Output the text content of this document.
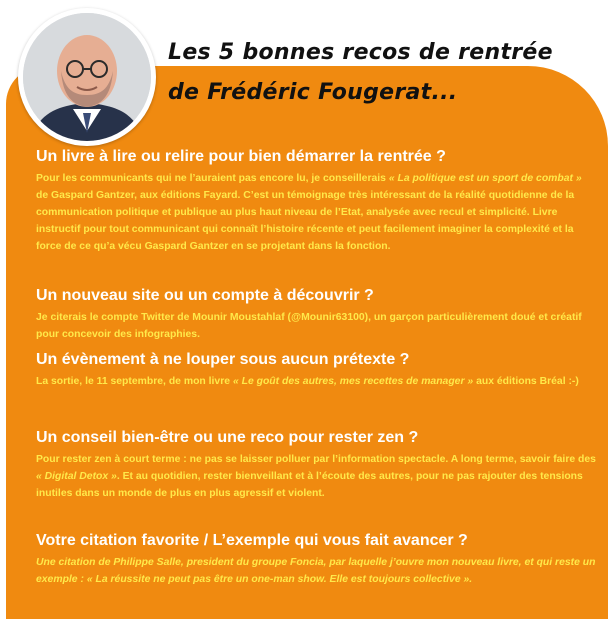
Les 5 bonnes recos de rentrée
de Frédéric Fougerat...

Un livre à lire ou relire pour bien démarrer la rentrée ?

Pour les communicants qui ne l’auraient pas encore lu, je conseillerais « La politique est un sport de combat » de Gaspard Gantzer, aux éditions Fayard. C’est un témoignage très intéressant de la réalité quotidienne de la communication politique et publique au plus haut niveau de l’Etat, analysée avec recul et simplicité. Livre instructif pour tout communicant qui connaît l’histoire récente et peut facilement imaginer la complexité et la force de ce qu’a vécu Gaspard Gantzer en se projetant dans la fonction.

Un nouveau site ou un compte à découvrir ?

Je citerais le compte Twitter de Mounir Moustahlaf (@Mounir63100), un garçon particulièrement doué et créatif pour concevoir des infographies.

Un évènement à ne louper sous aucun prétexte ?

La sortie, le 11 septembre, de mon livre « Le goût des autres, mes recettes de manager » aux éditions Bréal :-)

Un conseil bien-être ou une reco pour rester zen ?

Pour rester zen à court terme : ne pas se laisser polluer par l’information spectacle. A long terme, savoir faire des « Digital Detox ». Et au quotidien, rester bienveillant et à l’écoute des autres, pour ne pas rajouter des tensions inutiles dans un monde de plus en plus agressif et violent.

Votre citation favorite / L’exemple qui vous fait avancer ?

Une citation de Philippe Salle, president du groupe Foncia, par laquelle j’ouvre mon nouveau livre, et qui reste un exemple : « La réussite ne peut pas être un one-man show. Elle est toujours collective ».
